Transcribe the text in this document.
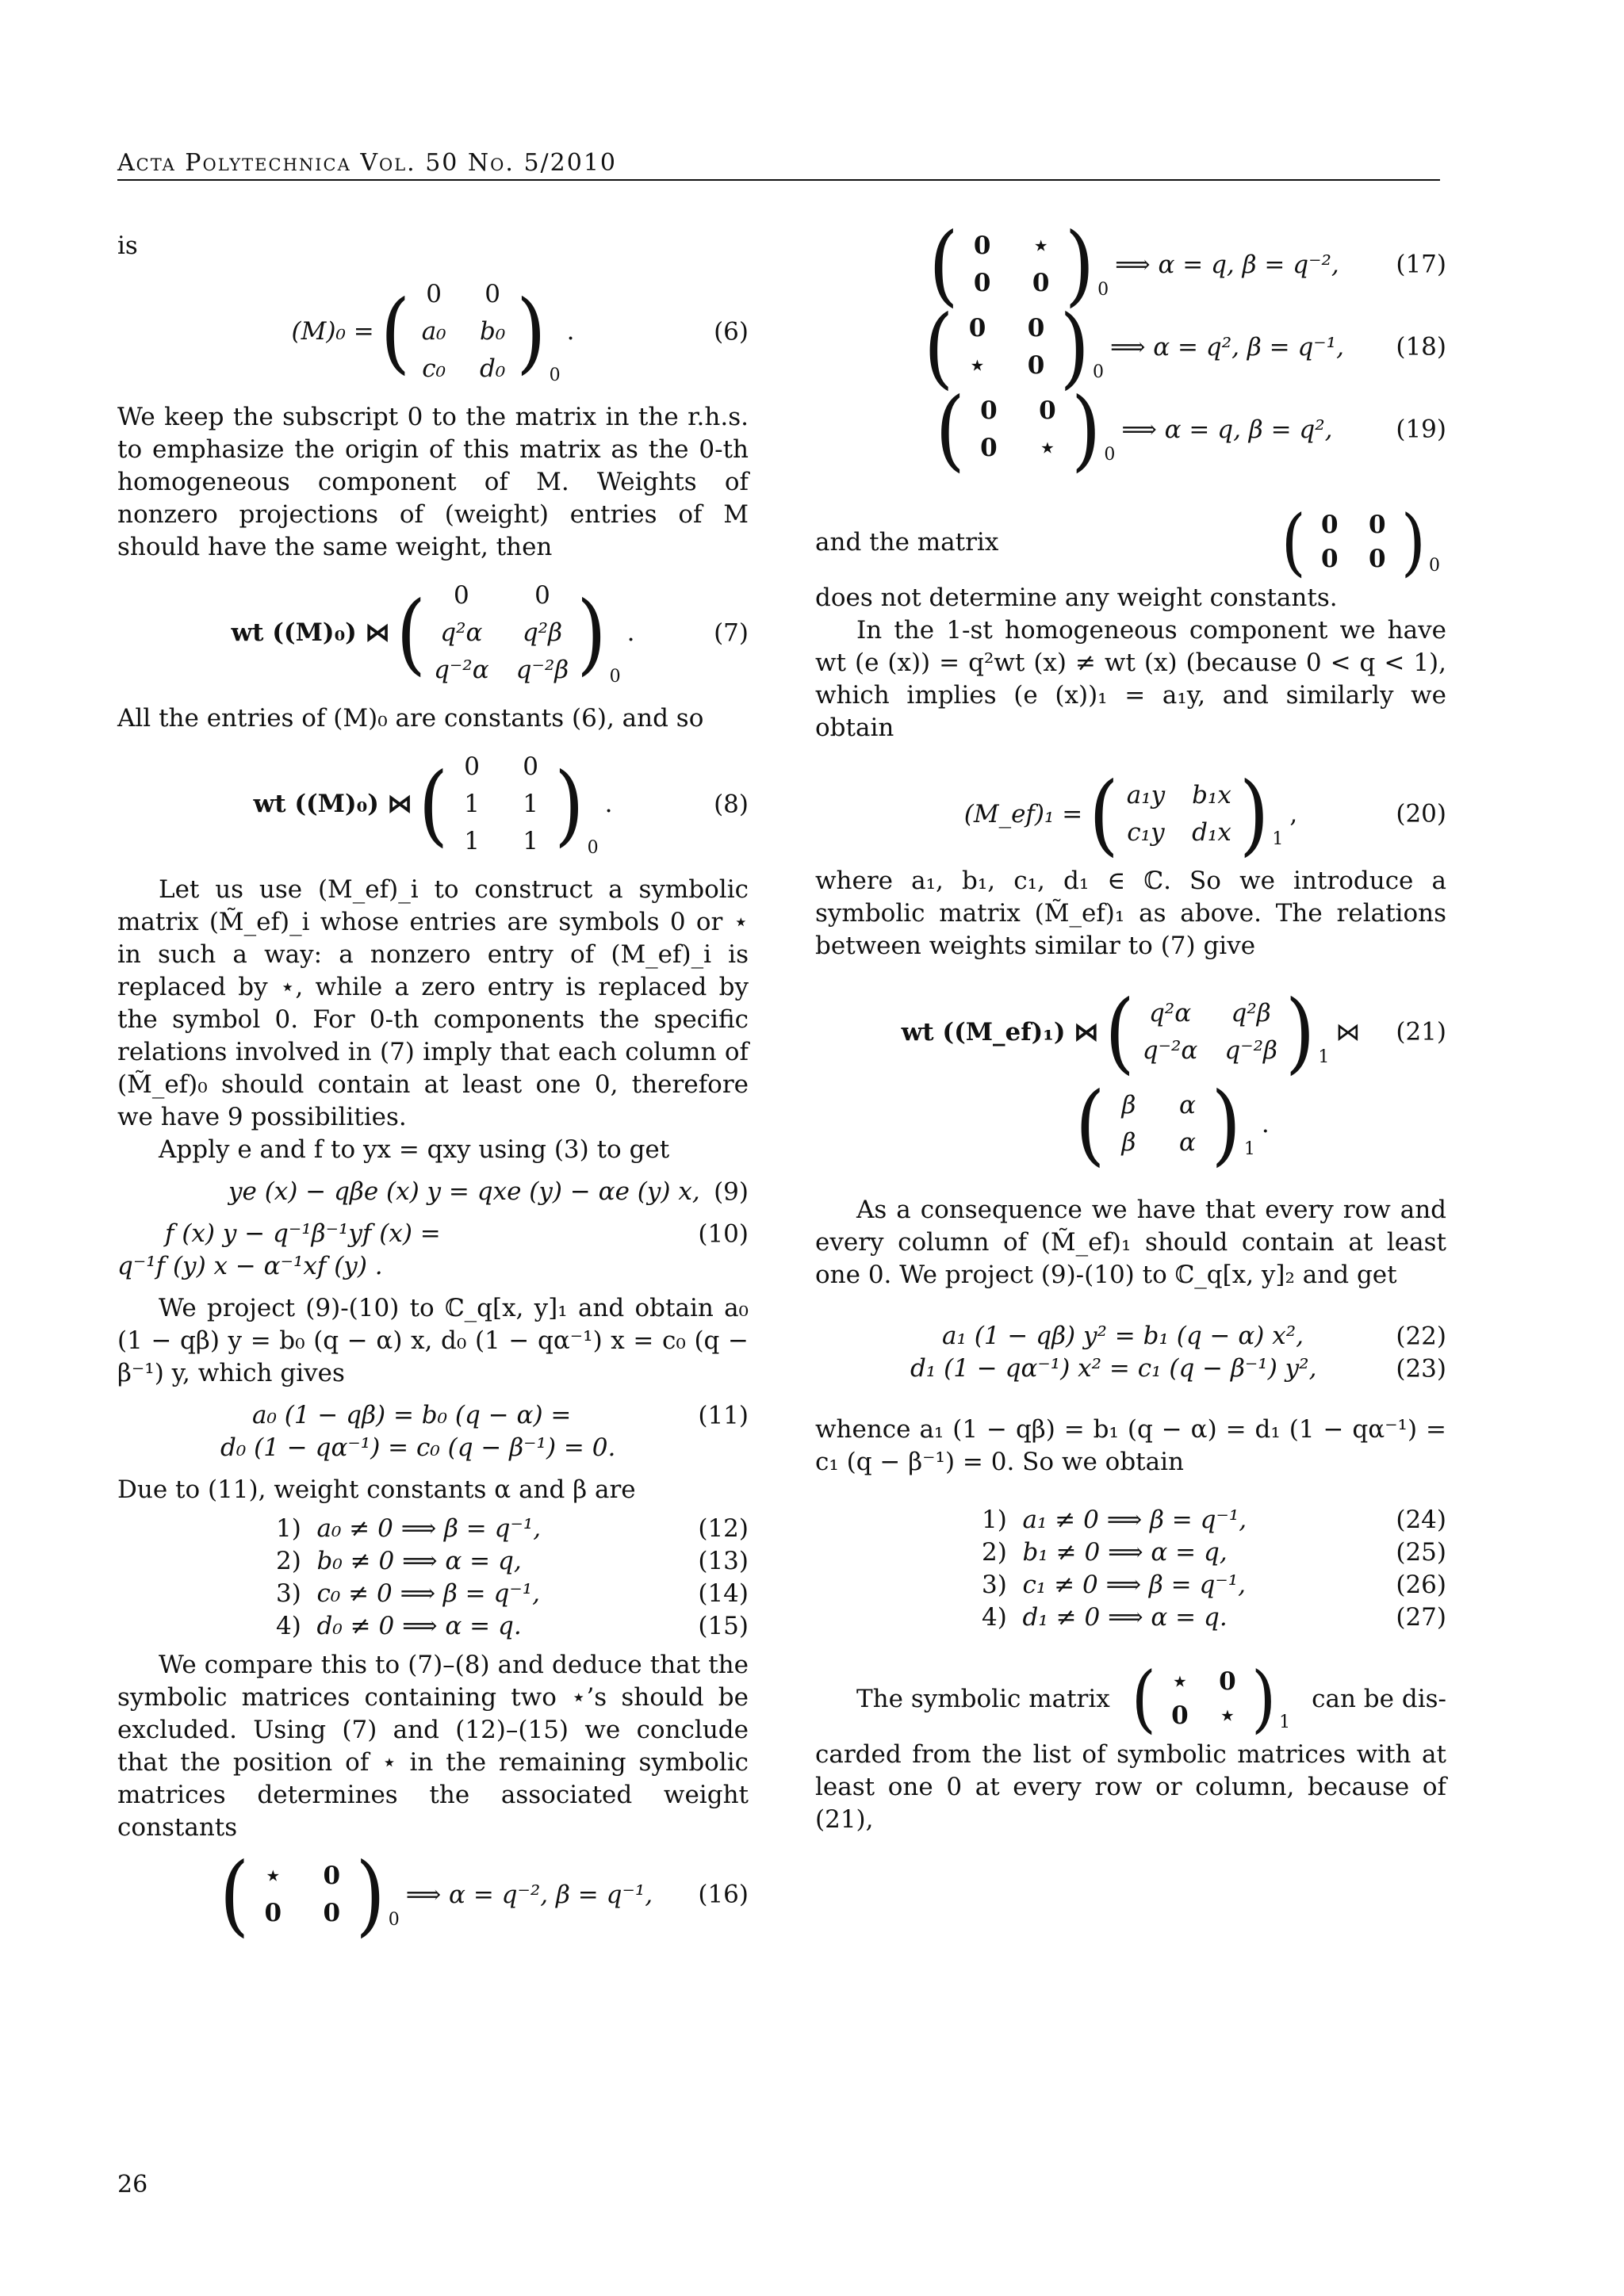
Acta Polytechnica Vol. 50 No. 5/2010

is

(M)₀ = ( 0	0
a₀ b₀
c₀ d₀ ) 0
.	(6)

We keep the subscript 0 to the matrix in the r.h.s. to emphasize the origin of this matrix as the 0-th homogeneous component of M. Weights of nonzero projections of (weight) entries of M should have the same weight, then

wt ((M)₀) ⋈ (	0	0
q²α q²β
q⁻²α q⁻²β ) 0
.	(7)

All the entries of (M)₀ are constants (6), and so

wt ((M)₀) ⋈ ( 0	0
1	1
1	1 ) 0
.	(8)

Let us use (M_ef)_i to construct a symbolic matrix (M̃_ef)_i whose entries are symbols 0 or ⋆ in such a way: a nonzero entry of (M_ef)_i is replaced by ⋆, while a zero entry is replaced by the symbol 0. For 0-th components the specific relations involved in (7) imply that each column of (M̃_ef)₀ should contain at least one 0, therefore we have 9 possibilities.

Apply e and f to yx = qxy using (3) to get

ye (x) − qβe (x) y = qxe (y) − αe (y) x, (9)
f (x) y − q⁻¹β⁻¹yf (x) =	(10)
q⁻¹f (y) x − α⁻¹xf (y) .

We project (9)-(10) to ℂ_q[x, y]₁ and obtain a₀ (1 − qβ) y = b₀ (q − α) x, d₀ (1 − qα⁻¹) x = c₀ (q − β⁻¹) y, which gives

a₀ (1 − qβ) = b₀ (q − α) =	(11)
d₀ (1 − qα⁻¹) = c₀ (q − β⁻¹) = 0.

Due to (11), weight constants α and β are

1) a₀ ≠ 0 ⟹ β = q⁻¹,	(12)
2) b₀ ≠ 0 ⟹ α = q,	(13)
3) c₀ ≠ 0 ⟹ β = q⁻¹,	(14)
4) d₀ ≠ 0 ⟹ α = q.	(15)

We compare this to (7)–(8) and deduce that the symbolic matrices containing two ⋆’s should be excluded. Using (7) and (12)–(15) we conclude that the position of ⋆ in the remaining symbolic matrices determines the associated weight constants

( ⋆	0
0 0 ) 0
⟹ α = q⁻², β = q⁻¹, (16)
( 0	⋆
0 0 ) 0
⟹ α = q, β = q⁻², (17)
( 0 0
⋆	0 ) 0
⟹ α = q², β = q⁻¹, (18)
( 0 0
0	⋆ ) 0
⟹ α = q, β = q²,	(19)
and the matrix	( 0 0
0 0 ) 0

does not determine any weight constants.

In the 1-st homogeneous component we have wt (e (x)) = q²wt (x) ≠ wt (x) (because 0 < q < 1), which implies (e (x))₁ = a₁y, and similarly we obtain

(M_ef)₁ = ( a₁y b₁x
c₁y d₁x ) 1
,	(20)

where a₁, b₁, c₁, d₁ ∈ ℂ. So we introduce a symbolic matrix (M̃_ef)₁ as above. The relations between weights similar to (7) give

wt ((M_ef)₁) ⋈ ( q²α q²β
q⁻²α q⁻²β ) 1
⋈ (21)
( β	α
β	α ) 1
.

As a consequence we have that every row and every column of (M̃_ef)₁ should contain at least one 0. We project (9)-(10) to ℂ_q[x, y]₂ and get

a₁ (1 − qβ) y² = b₁ (q − α) x²,	(22)
d₁ (1 − qα⁻¹) x² = c₁ (q − β⁻¹) y²,	(23)

whence a₁ (1 − qβ) = b₁ (q − α) = d₁ (1 − qα⁻¹) = c₁ (q − β⁻¹) = 0. So we obtain

1) a₁ ≠ 0 ⟹ β = q⁻¹,	(24)
2) b₁ ≠ 0 ⟹ α = q,	(25)
3) c₁ ≠ 0 ⟹ β = q⁻¹,	(26)
4) d₁ ≠ 0 ⟹ α = q.	(27)
The symbolic matrix ( ⋆	0
0	⋆ ) 1
can be dis-

carded from the list of symbolic matrices with at least one 0 at every row or column, because of (21),

26
